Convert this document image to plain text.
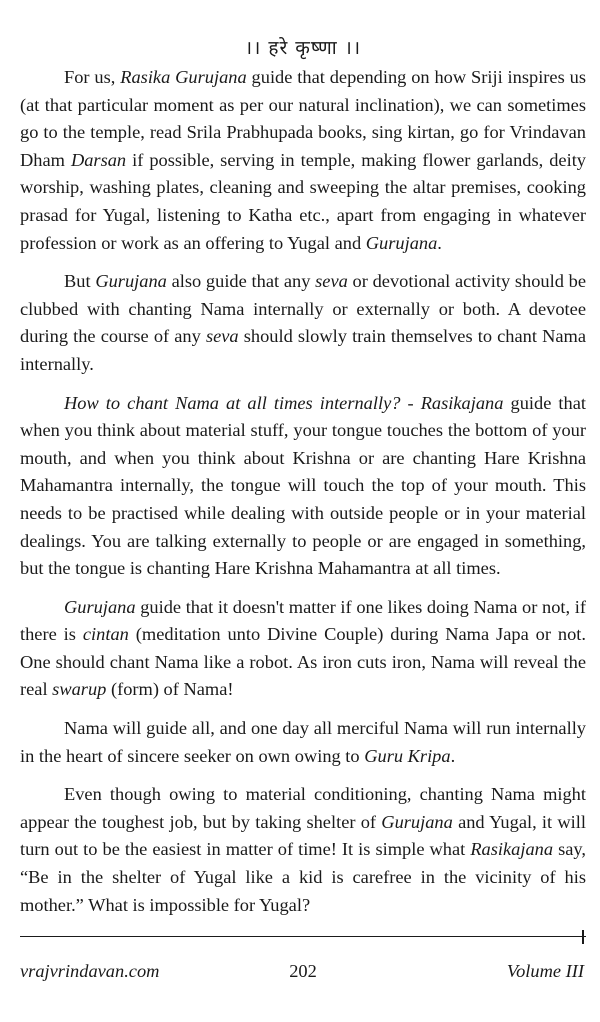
।। हरे कृष्णा ।।

For us, Rasika Gurujana guide that depending on how Sriji inspires us (at that particular moment as per our natural inclination), we can sometimes go to the temple, read Srila Prabhupada books, sing kirtan, go for Vrindavan Dham Darsan if possible, serving in temple, making flower garlands, deity worship, washing plates, cleaning and sweeping the altar premises, cooking prasad for Yugal, listening to Katha etc., apart from engaging in whatever profession or work as an offering to Yugal and Gurujana.

But Gurujana also guide that any seva or devotional activity should be clubbed with chanting Nama internally or externally or both. A devotee during the course of any seva should slowly train themselves to chant Nama internally.

How to chant Nama at all times internally? - Rasikajana guide that when you think about material stuff, your tongue touches the bottom of your mouth, and when you think about Krishna or are chanting Hare Krishna Mahamantra internally, the tongue will touch the top of your mouth. This needs to be practised while dealing with outside people or in your material dealings. You are talking externally to people or are engaged in something, but the tongue is chanting Hare Krishna Mahamantra at all times.

Gurujana guide that it doesn't matter if one likes doing Nama or not, if there is cintan (meditation unto Divine Couple) during Nama Japa or not. One should chant Nama like a robot. As iron cuts iron, Nama will reveal the real swarup (form) of Nama!

Nama will guide all, and one day all merciful Nama will run internally in the heart of sincere seeker on own owing to Guru Kripa.

Even though owing to material conditioning, chanting Nama might appear the toughest job, but by taking shelter of Gurujana and Yugal, it will turn out to be the easiest in matter of time! It is simple what Rasikajana say, “Be in the shelter of Yugal like a kid is carefree in the vicinity of his mother.” What is impossible for Yugal?

vrajvrindavan.com	202	Volume III
